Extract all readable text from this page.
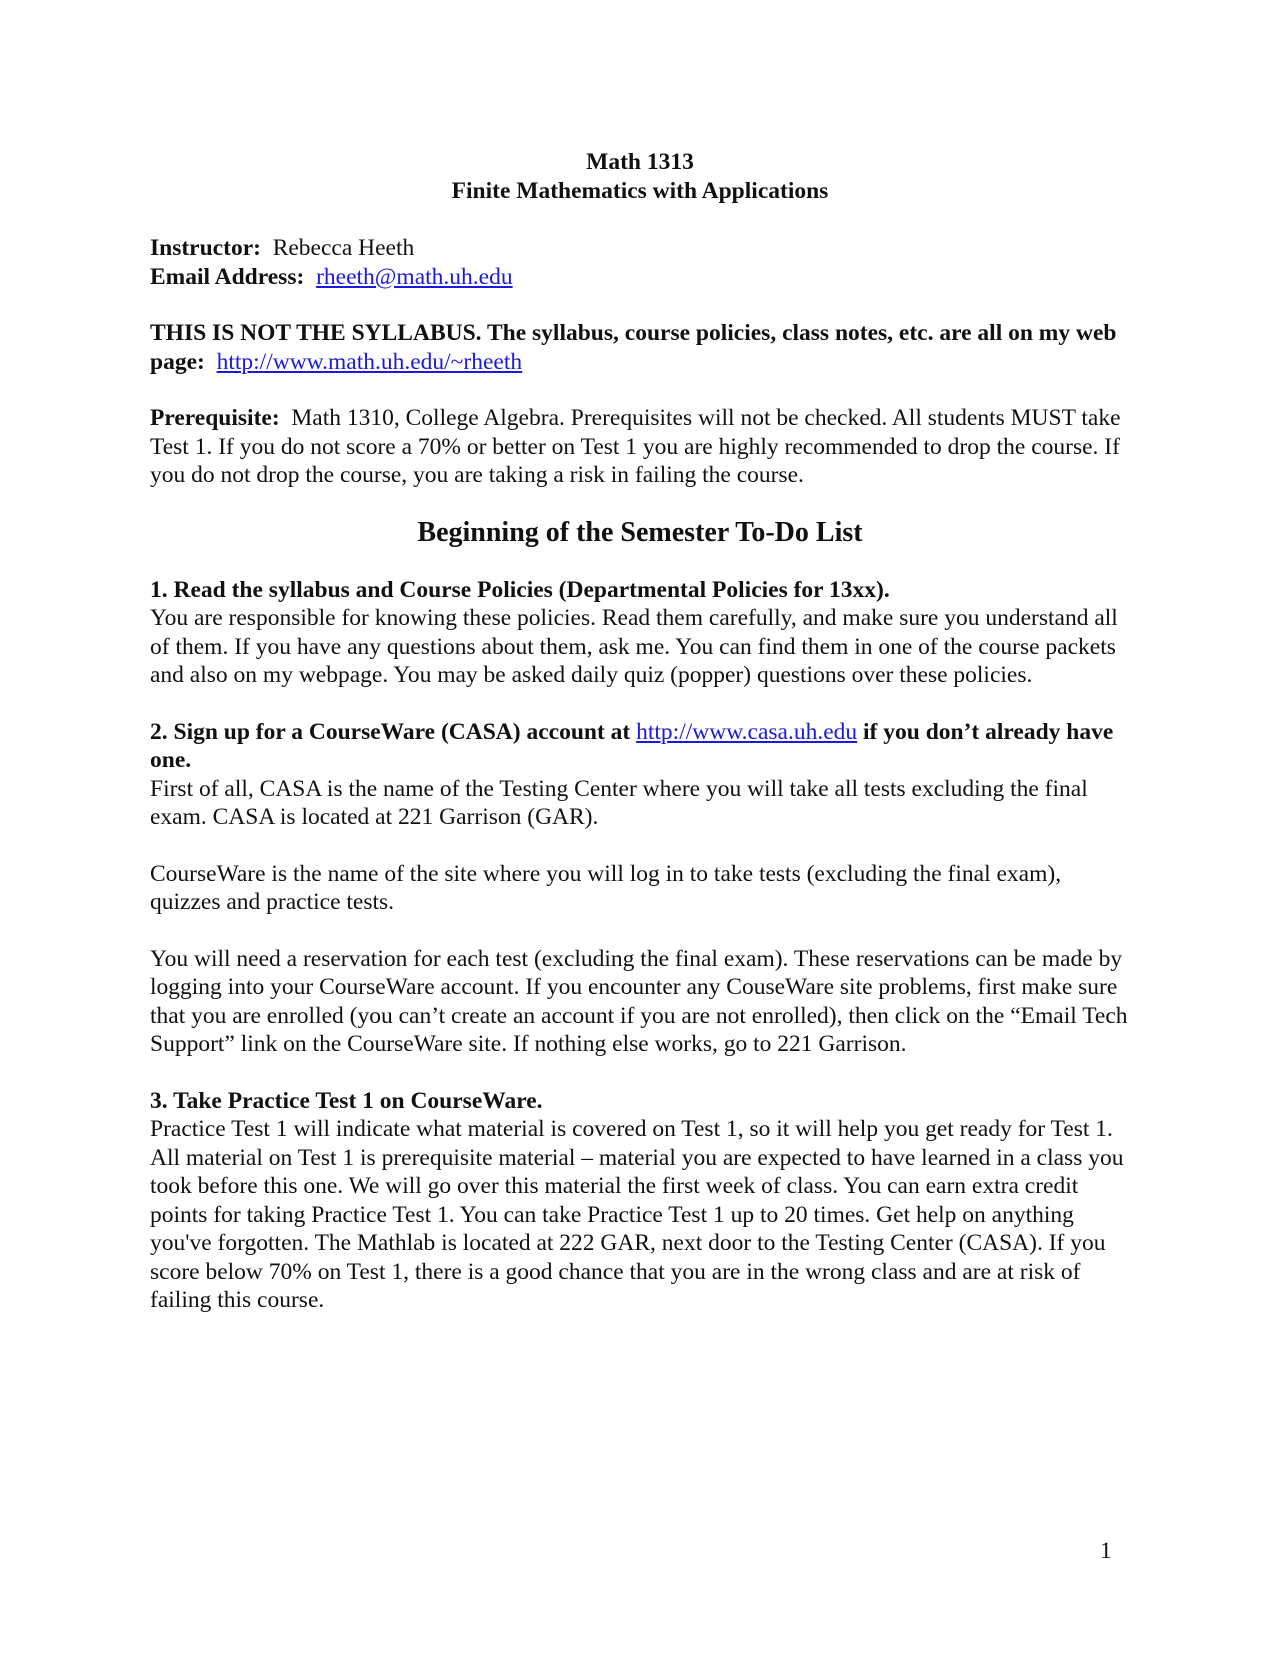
Math 1313
Finite Mathematics with Applications

Instructor: Rebecca Heeth

Email Address: rheeth@math.uh.edu

THIS IS NOT THE SYLLABUS. The syllabus, course policies, class notes, etc. are all on my web page: http://www.math.uh.edu/~rheeth

Prerequisite: Math 1310, College Algebra. Prerequisites will not be checked. All students MUST take Test 1. If you do not score a 70% or better on Test 1 you are highly recommended to drop the course. If you do not drop the course, you are taking a risk in failing the course.

Beginning of the Semester To-Do List

1. Read the syllabus and Course Policies (Departmental Policies for 13xx).

You are responsible for knowing these policies. Read them carefully, and make sure you understand all of them. If you have any questions about them, ask me. You can find them in one of the course packets and also on my webpage. You may be asked daily quiz (popper) questions over these policies.

2. Sign up for a CourseWare (CASA) account at http://www.casa.uh.edu if you don’t already have one.

First of all, CASA is the name of the Testing Center where you will take all tests excluding the final exam. CASA is located at 221 Garrison (GAR).

CourseWare is the name of the site where you will log in to take tests (excluding the final exam), quizzes and practice tests.

You will need a reservation for each test (excluding the final exam). These reservations can be made by logging into your CourseWare account. If you encounter any CouseWare site problems, first make sure that you are enrolled (you can’t create an account if you are not enrolled), then click on the “Email Tech Support” link on the CourseWare site. If nothing else works, go to 221 Garrison.

3. Take Practice Test 1 on CourseWare.

Practice Test 1 will indicate what material is covered on Test 1, so it will help you get ready for Test 1. All material on Test 1 is prerequisite material – material you are expected to have learned in a class you took before this one. We will go over this material the first week of class. You can earn extra credit points for taking Practice Test 1. You can take Practice Test 1 up to 20 times. Get help on anything you've forgotten. The Mathlab is located at 222 GAR, next door to the Testing Center (CASA). If you score below 70% on Test 1, there is a good chance that you are in the wrong class and are at risk of failing this course.

1
